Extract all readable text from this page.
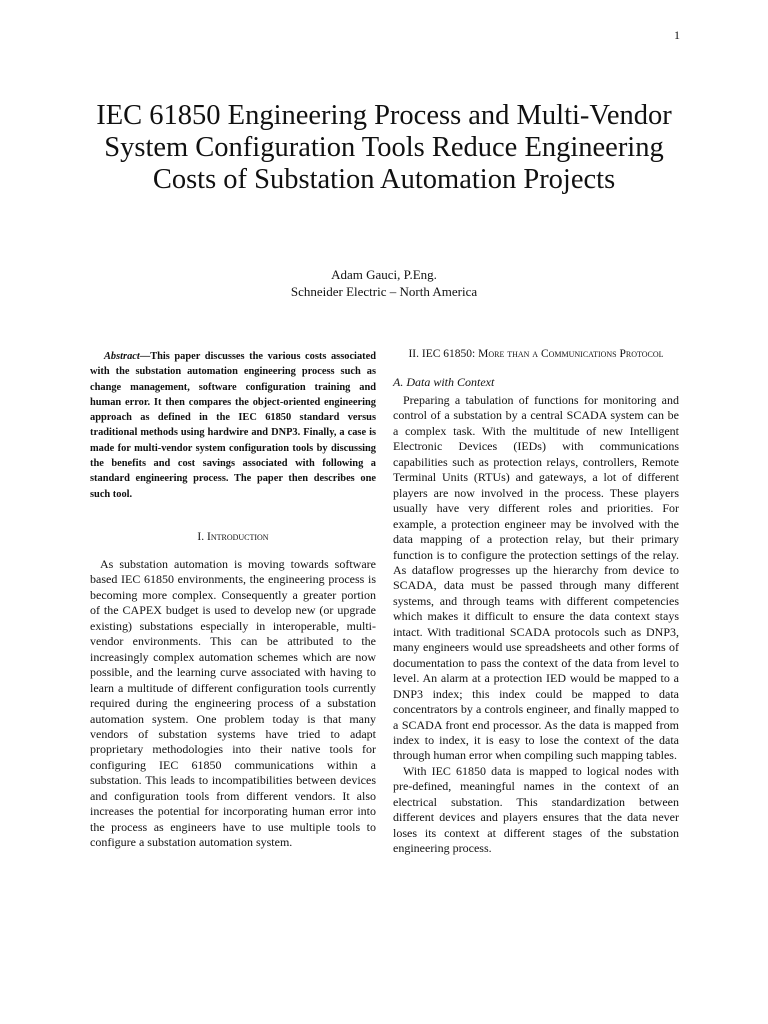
1
IEC 61850 Engineering Process and Multi-Vendor System Configuration Tools Reduce Engineering Costs of Substation Automation Projects
Adam Gauci, P.Eng.
Schneider Electric – North America

Abstract—This paper discusses the various costs associated with the substation automation engineering process such as change management, software configuration training and human error. It then compares the object-oriented engineering approach as defined in the IEC 61850 standard versus traditional methods using hardwire and DNP3. Finally, a case is made for multi-vendor system configuration tools by discussing the benefits and cost savings associated with following a standard engineering process. The paper then describes one such tool.

I. Introduction

As substation automation is moving towards software based IEC 61850 environments, the engineering process is becoming more complex. Consequently a greater portion of the CAPEX budget is used to develop new (or upgrade existing) substations especially in interoperable, multi-vendor environments. This can be attributed to the increasingly complex automation schemes which are now possible, and the learning curve associated with having to learn a multitude of different configuration tools currently required during the engineering process of a substation automation system. One problem today is that many vendors of substation systems have tried to adapt proprietary methodologies into their native tools for configuring IEC 61850 communications within a substation. This leads to incompatibilities between devices and configuration tools from different vendors. It also increases the potential for incorporating human error into the process as engineers have to use multiple tools to configure a substation automation system.

II. IEC 61850: More than a Communications Protocol
A. Data with Context

Preparing a tabulation of functions for monitoring and control of a substation by a central SCADA system can be a complex task. With the multitude of new Intelligent Electronic Devices (IEDs) with communications capabilities such as protection relays, controllers, Remote Terminal Units (RTUs) and gateways, a lot of different players are now involved in the process. These players usually have very different roles and priorities. For example, a protection engineer may be involved with the data mapping of a protection relay, but their primary function is to configure the protection settings of the relay. As dataflow progresses up the hierarchy from device to SCADA, data must be passed through many different systems, and through teams with different competencies which makes it difficult to ensure the data context stays intact. With traditional SCADA protocols such as DNP3, many engineers would use spreadsheets and other forms of documentation to pass the context of the data from level to level. An alarm at a protection IED would be mapped to a DNP3 index; this index could be mapped to data concentrators by a controls engineer, and finally mapped to a SCADA front end processor. As the data is mapped from index to index, it is easy to lose the context of the data through human error when compiling such mapping tables.

With IEC 61850 data is mapped to logical nodes with pre-defined, meaningful names in the context of an electrical substation. This standardization between different devices and players ensures that the data never loses its context at different stages of the substation engineering process.
